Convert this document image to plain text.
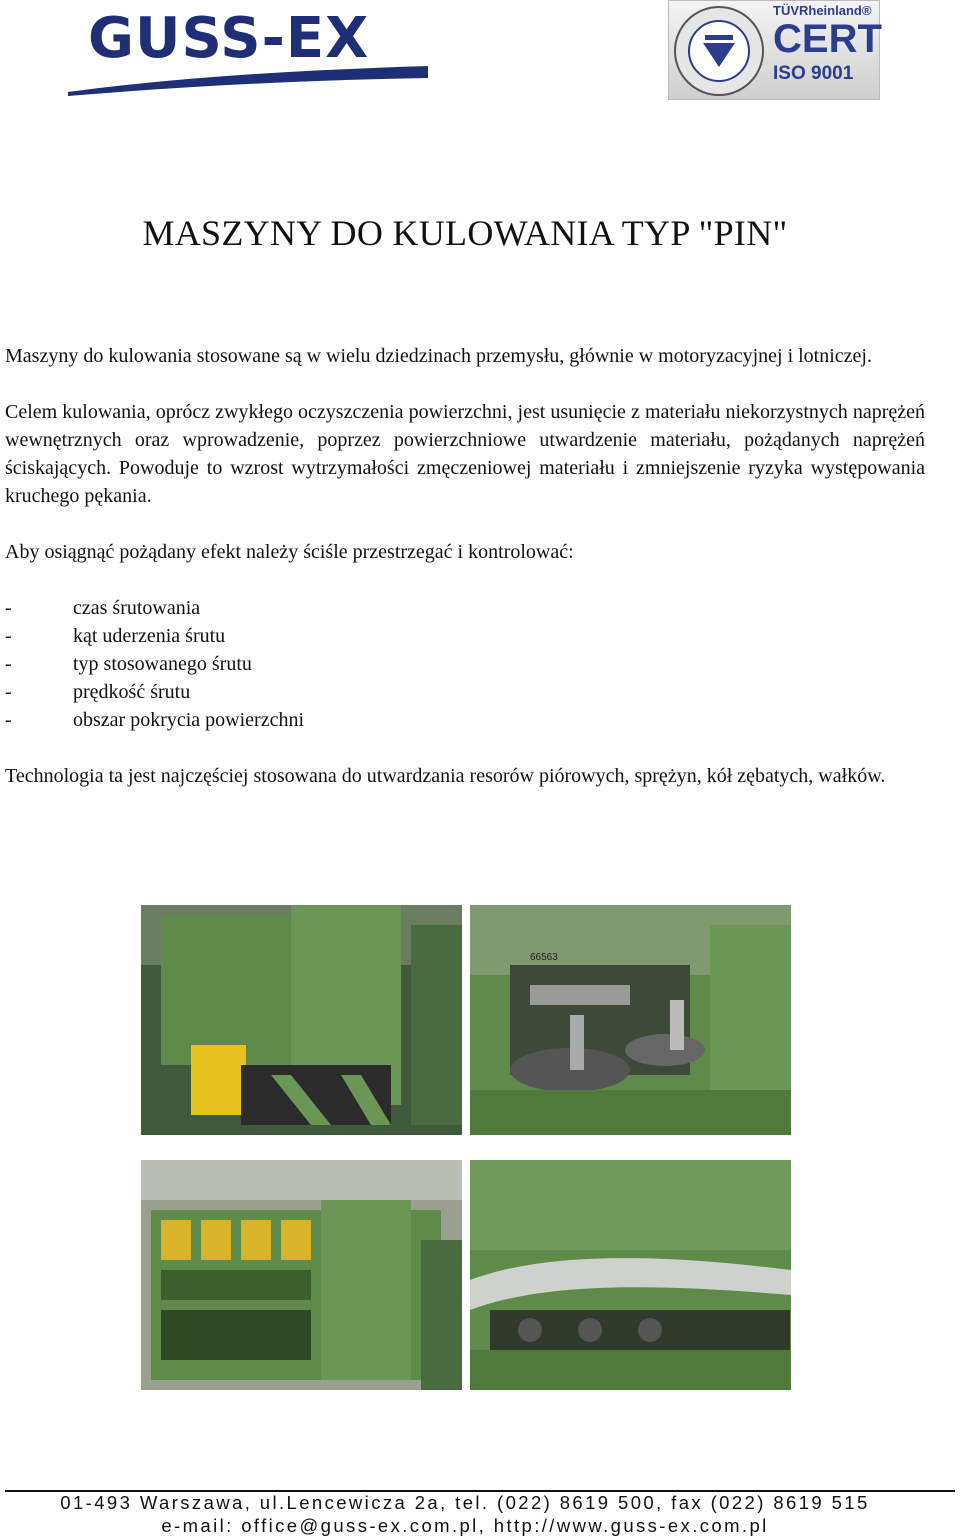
GUSS-EX	TÜVRheinland®
CERT
ISO 9001
MASZYNY DO KULOWANIA TYP "PIN"

Maszyny do kulowania stosowane są w wielu dziedzinach przemysłu, głównie w motoryzacyjnej i lotniczej.

Celem kulowania, oprócz zwykłego oczyszczenia powierzchni, jest usunięcie z materiału niekorzystnych naprężeń wewnętrznych oraz wprowadzenie, poprzez powierzchniowe utwardzenie materiału, pożądanych naprężeń ściskających. Powoduje to wzrost wytrzymałości zmęczeniowej materiału i zmniejszenie ryzyka występowania kruchego pękania.

Aby osiągnąć pożądany efekt należy ściśle przestrzegać i kontrolować:

-	czas śrutowania
-	kąt uderzenia śrutu
-	typ stosowanego śrutu
-	prędkość śrutu
-	obszar pokrycia powierzchni

Technologia ta jest najczęściej stosowana do utwardzania resorów piórowych, sprężyn, kół zębatych, wałków.

66563
01-493 Warszawa, ul.Lencewicza 2a, tel. (022) 8619 500, fax (022) 8619 515
e-mail: office@guss-ex.com.pl, http://www.guss-ex.com.pl
